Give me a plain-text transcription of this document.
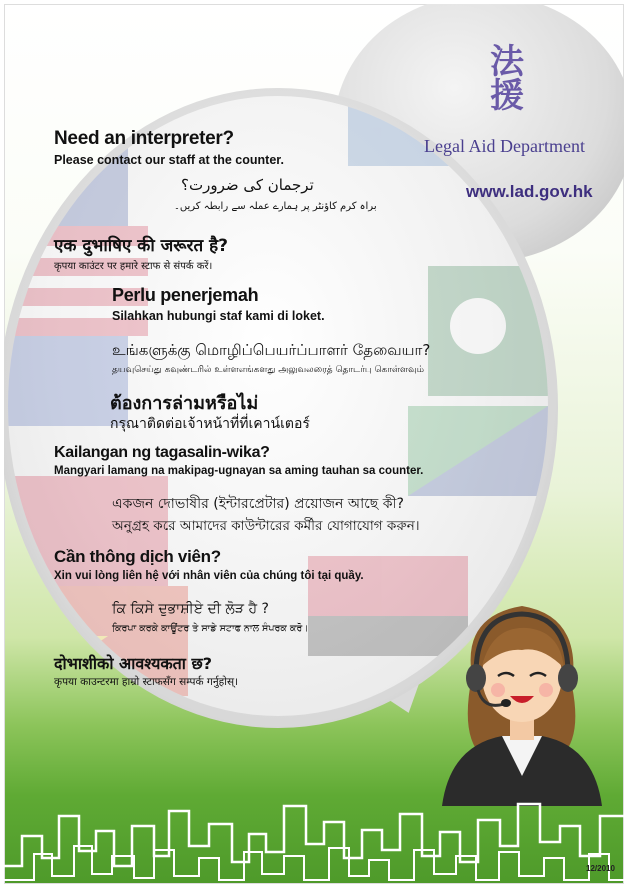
法
援
Legal Aid Department
www.lad.gov.hk
Need an interpreter?
Please contact our staff at the counter.
ترجمان کی ضرورت؟
براہ کرم کاؤنٹر پر ہمارے عملہ سے رابطہ کریں۔
एक दुभाषिए की जरूरत है?
कृपया काउंटर पर हमारे स्टाफ से संपर्क करें।
Perlu penerjemah
Silahkan hubungi staf kami di loket.
உங்களுக்கு மொழிப்பெயர்ப்பாளர் தேவையா?
தயவுசெய்து கவுண்டரில் உள்ளஎங்களது அலுவலரைத் தொடர்பு கொள்ளவும்
ต้องการล่ามหรือไม่
กรุณาติดต่อเจ้าหน้าที่ที่เคาน์เตอร์
Kailangan ng tagasalin-wika?
Mangyari lamang na makipag-ugnayan sa aming tauhan sa counter.
একজন দোভাষীর (ইন্টারপ্রেটার) প্রয়োজন আছে কী?
অনুগ্রহ করে আমাদের কাউন্টারের কর্মীর যোগাযোগ করুন।
Cần thông dịch viên?
Xin vui lòng liên hệ với nhân viên của chúng tôi tại quầy.
ਕਿ ਕਿਸੇ ਦੁਭਾਸ਼ੀਏ ਦੀ ਲੋੜ ਹੈ ?
ਕਿਰਪਾ ਕਰਕੇ ਕਾਊਂਟਰ ਤੇ ਸਾਡੇ ਸਟਾਫ ਨਾਲ ਸੰਪਰਕ ਕਰੋ।
दोभाशीको आवश्यकता छ?
कृपया काउन्टरमा हाम्रो स्टाफसँग सम्पर्क गर्नुहोस्।
12/2010
